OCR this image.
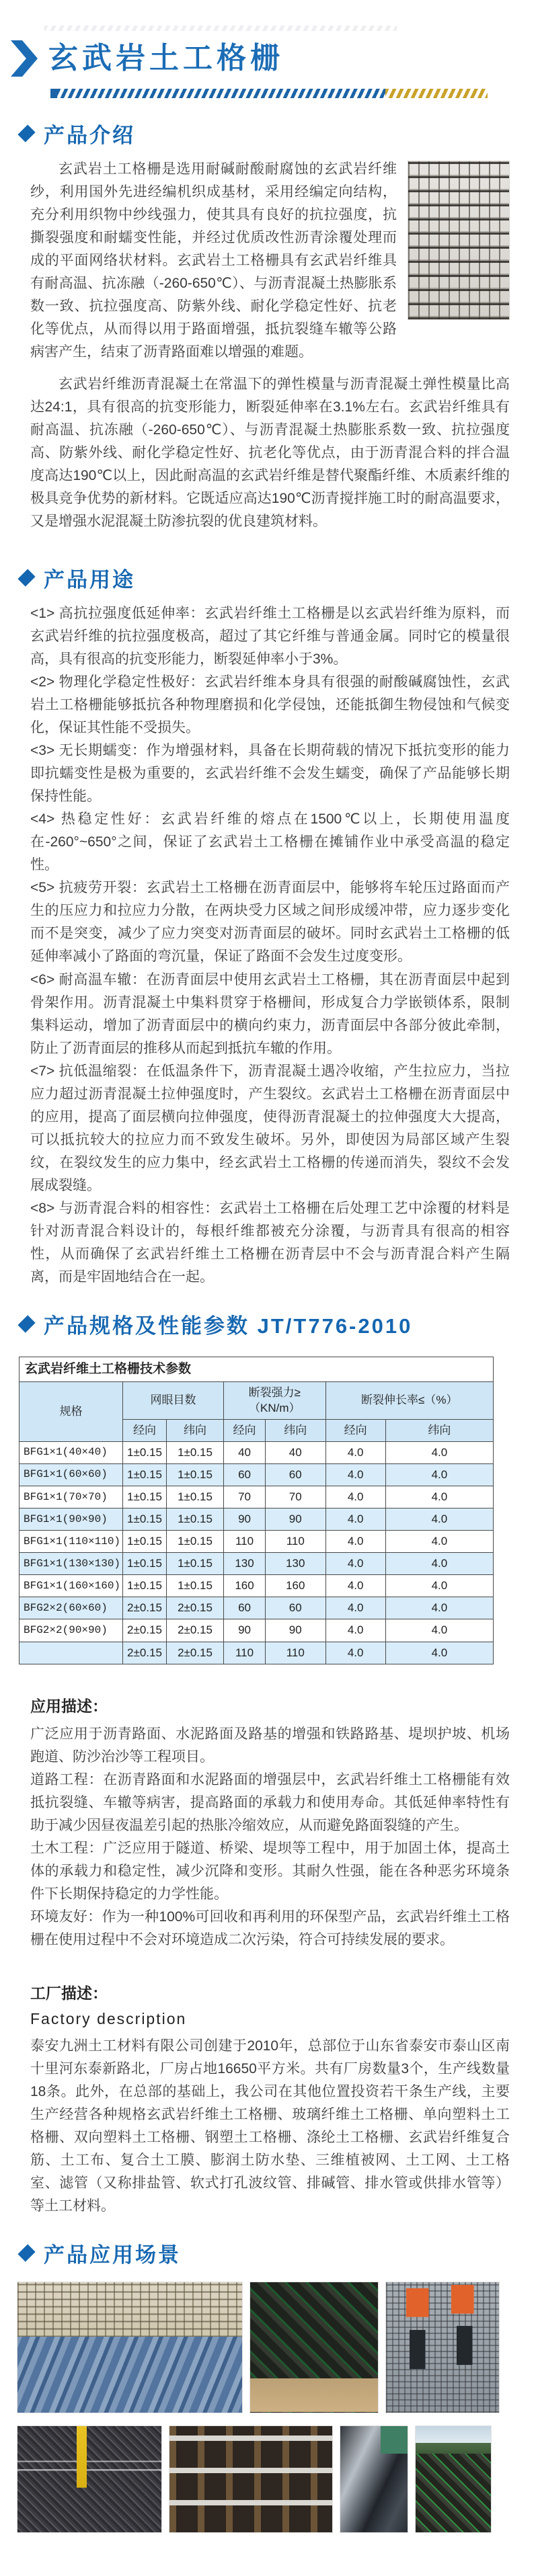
玄武岩土工格栅
产品介绍

玄武岩土工格栅是选用耐碱耐酸耐腐蚀的玄武岩纤维纱，利用国外先进经编机织成基材，采用经编定向结构，充分利用织物中纱线强力，使其具有良好的抗拉强度，抗撕裂强度和耐蠕变性能，并经过优质改性沥青涂覆处理而成的平面网络状材料。玄武岩土工格栅具有玄武岩纤维具有耐高温、抗冻融（-260-650℃）、与沥青混凝土热膨胀系数一致、抗拉强度高、防紫外线、耐化学稳定性好、抗老化等优点，从而得以用于路面增强，抵抗裂缝车辙等公路病害产生，结束了沥青路面难以增强的难题。

玄武岩纤维沥青混凝土在常温下的弹性模量与沥青混凝土弹性模量比高达24:1，具有很高的抗变形能力，断裂延伸率在3.1%左右。玄武岩纤维具有耐高温、抗冻融（-260-650℃）、与沥青混凝土热膨胀系数一致、抗拉强度高、防紫外线、耐化学稳定性好、抗老化等优点，由于沥青混合料的拌合温度高达190℃以上，因此耐高温的玄武岩纤维是替代聚酯纤维、木质素纤维的极具竞争优势的新材料。它既适应高达190℃沥青搅拌施工时的耐高温要求，又是增强水泥混凝土防渗抗裂的优良建筑材料。

产品用途

<1> 高抗拉强度低延伸率：玄武岩纤维土工格栅是以玄武岩纤维为原料，而玄武岩纤维的抗拉强度极高，超过了其它纤维与普通金属。同时它的模量很高，具有很高的抗变形能力，断裂延伸率小于3%。

<2> 物理化学稳定性极好：玄武岩纤维本身具有很强的耐酸碱腐蚀性，玄武岩土工格栅能够抵抗各种物理磨损和化学侵蚀，还能抵御生物侵蚀和气候变化，保证其性能不受损失。

<3> 无长期蠕变：作为增强材料，具备在长期荷载的情况下抵抗变形的能力即抗蠕变性是极为重要的，玄武岩纤维不会发生蠕变，确保了产品能够长期保持性能。

<4> 热稳定性好：玄武岩纤维的熔点在1500℃以上，长期使用温度在-260°~650°之间，保证了玄武岩土工格栅在摊铺作业中承受高温的稳定性。

<5> 抗疲劳开裂：玄武岩土工格栅在沥青面层中，能够将车轮压过路面而产生的压应力和拉应力分散，在两块受力区域之间形成缓冲带，应力逐步变化而不是突变，减少了应力突变对沥青面层的破坏。同时玄武岩土工格栅的低延伸率减小了路面的弯沉量，保证了路面不会发生过度变形。

<6> 耐高温车辙：在沥青面层中使用玄武岩土工格栅，其在沥青面层中起到骨架作用。沥青混凝土中集料贯穿于格栅间，形成复合力学嵌锁体系，限制集料运动，增加了沥青面层中的横向约束力，沥青面层中各部分彼此牵制，防止了沥青面层的推移从而起到抵抗车辙的作用。

<7> 抗低温缩裂：在低温条件下，沥青混凝土遇冷收缩，产生拉应力，当拉应力超过沥青混凝土拉伸强度时，产生裂纹。玄武岩土工格栅在沥青面层中的应用，提高了面层横向拉伸强度，使得沥青混凝土的拉伸强度大大提高，可以抵抗较大的拉应力而不致发生破坏。另外，即使因为局部区域产生裂纹，在裂纹发生的应力集中，经玄武岩土工格栅的传递而消失，裂纹不会发展成裂缝。

<8> 与沥青混合料的相容性：玄武岩土工格栅在后处理工艺中涂覆的材料是针对沥青混合料设计的，每根纤维都被充分涂覆，与沥青具有很高的相容性，从而确保了玄武岩纤维土工格栅在沥青层中不会与沥青混合料产生隔离，而是牢固地结合在一起。

产品规格及性能参数 JT/T776-2010
玄武岩纤维土工格栅技术参数						
规格	网眼目数		断裂强力≥（KN/m）		断裂伸长率≤（%）	
	经向	纬向	经向	纬向	经向	纬向
BFG1×1(40×40)	1±0.15	1±0.15	40	40	4.0	4.0
BFG1×1(60×60)	1±0.15	1±0.15	60	60	4.0	4.0
BFG1×1(70×70)	1±0.15	1±0.15	70	70	4.0	4.0
BFG1×1(90×90)	1±0.15	1±0.15	90	90	4.0	4.0
BFG1×1(110×110)	1±0.15	1±0.15	110	110	4.0	4.0
BFG1×1(130×130)	1±0.15	1±0.15	130	130	4.0	4.0
BFG1×1(160×160)	1±0.15	1±0.15	160	160	4.0	4.0
BFG2×2(60×60)	2±0.15	2±0.15	60	60	4.0	4.0
BFG2×2(90×90)	2±0.15	2±0.15	90	90	4.0	4.0
	2±0.15	2±0.15	110	110	4.0	4.0
应用描述：

广泛应用于沥青路面、水泥路面及路基的增强和铁路路基、堤坝护坡、机场跑道、防沙治沙等工程项目。

道路工程：在沥青路面和水泥路面的增强层中，玄武岩纤维土工格栅能有效抵抗裂缝、车辙等病害，提高路面的承载力和使用寿命。其低延伸率特性有助于减少因昼夜温差引起的热胀冷缩效应，从而避免路面裂缝的产生。

土木工程：广泛应用于隧道、桥梁、堤坝等工程中，用于加固土体，提高土体的承载力和稳定性，减少沉降和变形。其耐久性强，能在各种恶劣环境条件下长期保持稳定的力学性能。

环境友好：作为一种100%可回收和再利用的环保型产品，玄武岩纤维土工格栅在使用过程中不会对环境造成二次污染，符合可持续发展的要求。

工厂描述：
Factory description

泰安九洲土工材料有限公司创建于2010年，总部位于山东省泰安市泰山区南十里河东泰新路北，厂房占地16650平方米。共有厂房数量3个，生产线数量18条。此外，在总部的基础上，我公司在其他位置投资若干条生产线，主要生产经营各种规格玄武岩纤维土工格栅、玻璃纤维土工格栅、单向塑料土工格栅、双向塑料土工格栅、钢塑土工格栅、涤纶土工格栅、玄武岩纤维复合筋、土工布、复合土工膜、膨润土防水垫、三维植被网、土工网、土工格室、滤管（又称排盐管、软式打孔波纹管、排碱管、排水管或供排水管等）等土工材料。

产品应用场景
